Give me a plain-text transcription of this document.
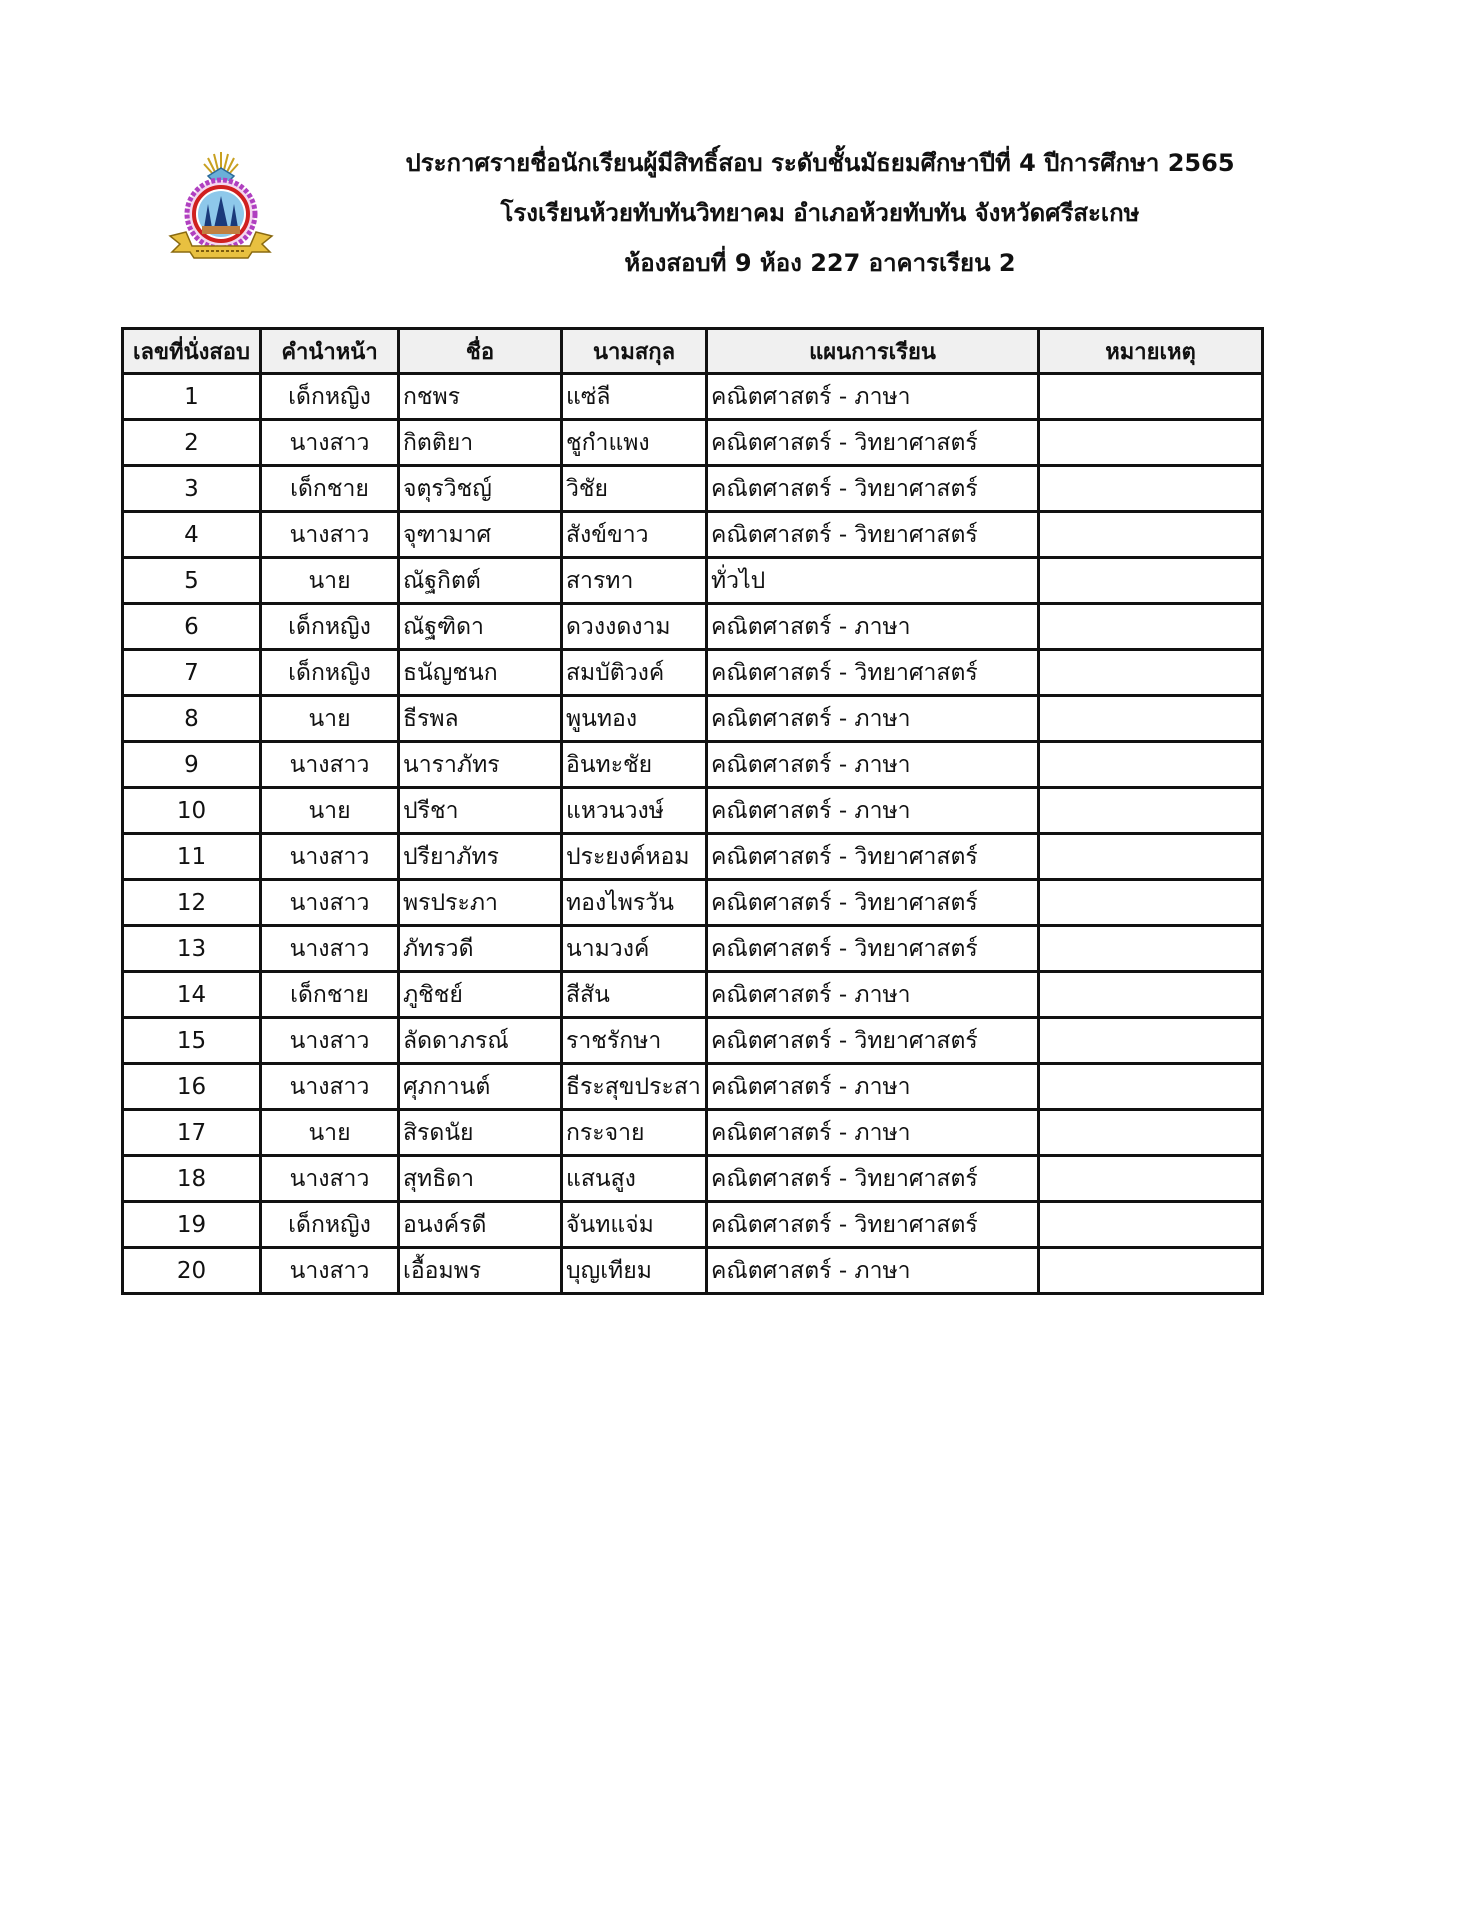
ประกาศรายชื่อนักเรียนผู้มีสิทธิ์สอบ ระดับชั้นมัธยมศึกษาปีที่ 4 ปีการศึกษา 2565
โรงเรียนห้วยทับทันวิทยาคม อำเภอห้วยทับทัน จังหวัดศรีสะเกษ
ห้องสอบที่ 9 ห้อง 227 อาคารเรียน 2
เลขที่นั่งสอบ	คำนำหน้า	ชื่อ	นามสกุล	แผนการเรียน	หมายเหตุ
1	เด็กหญิง	กชพร	แซ่ลี	คณิตศาสตร์ - ภาษา	
2	นางสาว	กิตติยา	ชูกำแพง	คณิตศาสตร์ - วิทยาศาสตร์	
3	เด็กชาย	จตุรวิชญ์	วิชัย	คณิตศาสตร์ - วิทยาศาสตร์	
4	นางสาว	จุฑามาศ	สังข์ขาว	คณิตศาสตร์ - วิทยาศาสตร์	
5	นาย	ณัฐกิตต์	สารทา	ทั่วไป	
6	เด็กหญิง	ณัฐฑิดา	ดวงงดงาม	คณิตศาสตร์ - ภาษา	
7	เด็กหญิง	ธนัญชนก	สมบัติวงค์	คณิตศาสตร์ - วิทยาศาสตร์	
8	นาย	ธีรพล	พูนทอง	คณิตศาสตร์ - ภาษา	
9	นางสาว	นาราภัทร	อินทะชัย	คณิตศาสตร์ - ภาษา	
10	นาย	ปรีชา	แหวนวงษ์	คณิตศาสตร์ - ภาษา	
11	นางสาว	ปรียาภัทร	ประยงค์หอม	คณิตศาสตร์ - วิทยาศาสตร์	
12	นางสาว	พรประภา	ทองไพรวัน	คณิตศาสตร์ - วิทยาศาสตร์	
13	นางสาว	ภัทรวดี	นามวงค์	คณิตศาสตร์ - วิทยาศาสตร์	
14	เด็กชาย	ภูชิชย์	สีสัน	คณิตศาสตร์ - ภาษา	
15	นางสาว	ลัดดาภรณ์	ราชรักษา	คณิตศาสตร์ - วิทยาศาสตร์	
16	นางสาว	ศุภกานต์	ธีระสุขประสา	คณิตศาสตร์ - ภาษา	
17	นาย	สิรดนัย	กระจาย	คณิตศาสตร์ - ภาษา	
18	นางสาว	สุทธิดา	แสนสูง	คณิตศาสตร์ - วิทยาศาสตร์	
19	เด็กหญิง	อนงค์รดี	จันทแจ่ม	คณิตศาสตร์ - วิทยาศาสตร์	
20	นางสาว	เอื้อมพร	บุญเทียม	คณิตศาสตร์ - ภาษา	
